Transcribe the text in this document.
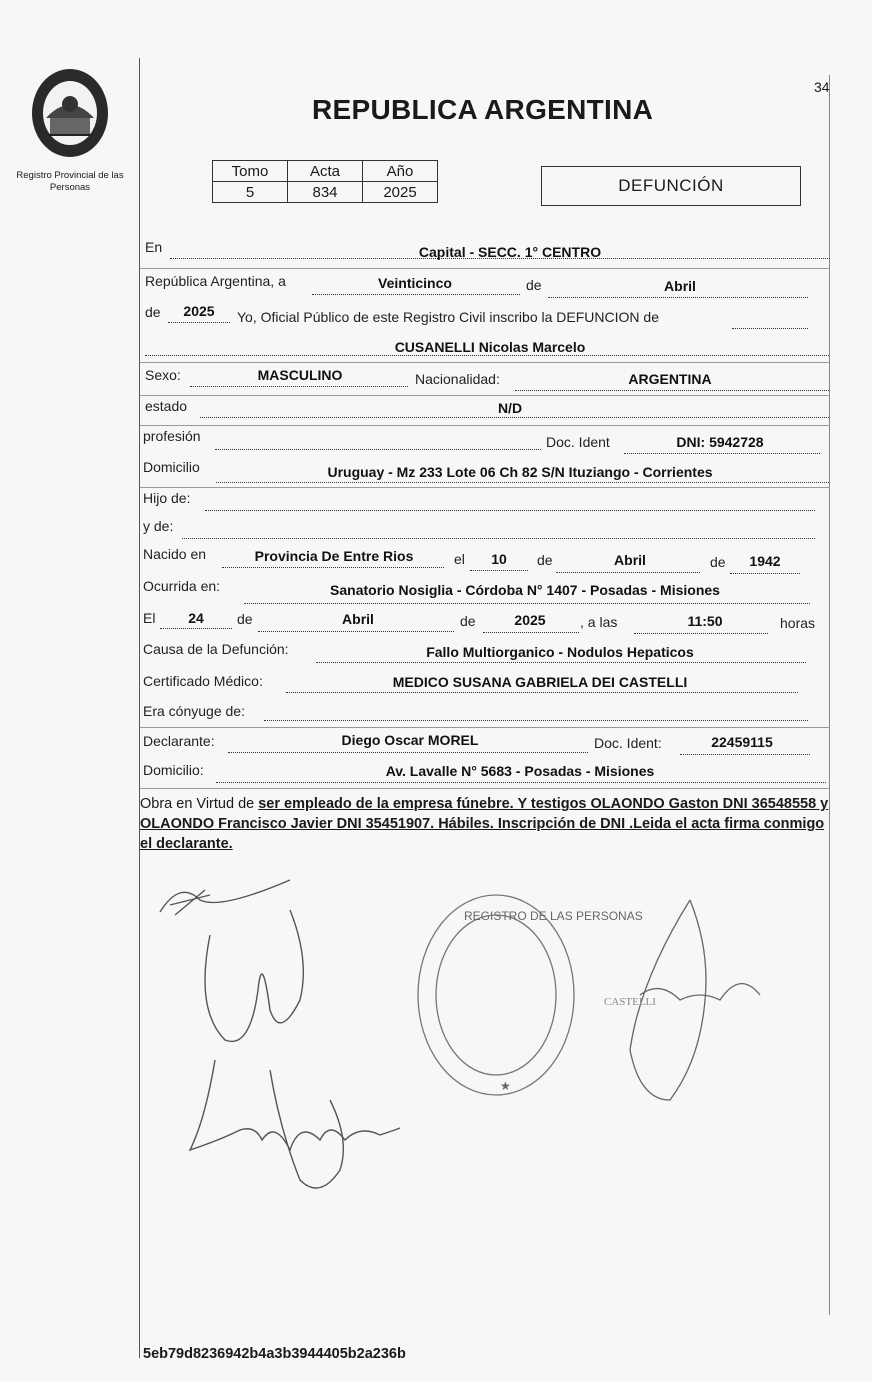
REGISTRO DE LAS PERSONAS
★
CASTELLI
Registro Provincial de las Personas
34
REPUBLICA ARGENTINA
Tomo	Acta	Año
5	834	2025	DEFUNCIÓN
En	Capital - SECC. 1° CENTRO
República Argentina, a	Veinticinco	de	Abril
de	2025	Yo, Oficial Público de este Registro Civil inscribo la DEFUNCION de
CUSANELLI Nicolas Marcelo
Sexo:	MASCULINO	Nacionalidad:	ARGENTINA
estado	N/D
profesión	Doc. Ident	DNI: 5942728
Domicilio	Uruguay - Mz 233 Lote 06 Ch 82 S/N Ituziango - Corrientes
Hijo de:
y de:
Nacido en	Provincia De Entre Rios	el	10	de	Abril	de	1942
Ocurrida en:	Sanatorio Nosiglia - Córdoba N° 1407 - Posadas - Misiones
El	24	de	Abril	de	2025	, a las	11:50	horas
Causa de la Defunción:	Fallo Multiorganico - Nodulos Hepaticos
Certificado Médico:	MEDICO SUSANA GABRIELA DEI CASTELLI
Era cónyuge de:
Declarante:	Diego Oscar MOREL	Doc. Ident:	22459115
Domicilio:	Av. Lavalle N° 5683 - Posadas - Misiones
Obra en Virtud de ser empleado de la empresa fúnebre. Y testigos OLAONDO Gaston DNI 36548558 y OLAONDO Francisco Javier DNI 35451907. Hábiles. Inscripción de DNI .Leida el acta firma conmigo el declarante.
5eb79d8236942b4a3b3944405b2a236b
